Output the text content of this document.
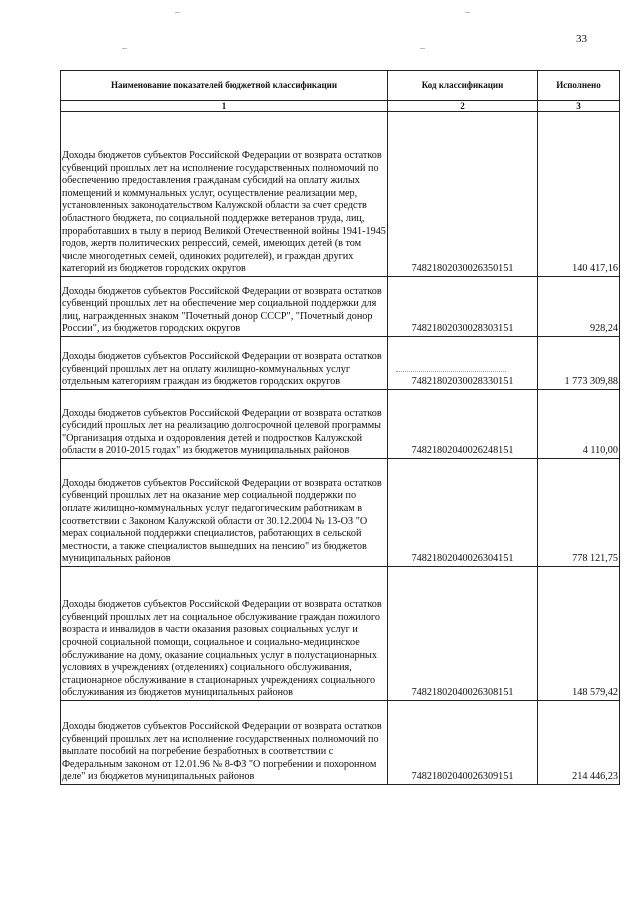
33
Наименование показателей бюджетной классификации	Код классификации	Исполнено
1	2	3
Доходы бюджетов субъектов Российской Федерации от возврата остатков субвенций прошлых лет на исполнение государственных полномочий по обеспечению предоставления гражданам субсидий на оплату жилых помещений и коммунальных услуг, осуществление реализации мер, установленных законодательством Калужской области за счет средств областного бюджета, по социальной поддержке ветеранов труда, лиц, проработавших в тылу в период Великой Отечественной войны 1941-1945 годов, жертв политических репрессий, семей, имеющих детей (в том числе многодетных семей, одиноких родителей), и граждан других категорий из бюджетов городских округов	74821802030026350151	140 417,16
Доходы бюджетов субъектов Российской Федерации от возврата остатков субвенций прошлых лет на обеспечение мер социальной поддержки для лиц, награжденных знаком "Почетный донор СССР", "Почетный донор России", из бюджетов городских округов	74821802030028303151	928,24
Доходы бюджетов субъектов Российской Федерации от возврата остатков субвенций прошлых лет на оплату жилищно-коммунальных услуг отдельным категориям граждан из бюджетов городских округов	74821802030028330151	1 773 309,88
Доходы бюджетов субъектов Российской Федерации от возврата остатков субсидий прошлых лет на реализацию долгосрочной целевой программы "Организация отдыха и оздоровления детей и подростков Калужской области в 2010-2015 годах" из бюджетов муниципальных районов	74821802040026248151	4 110,00
Доходы бюджетов субъектов Российской Федерации от возврата остатков субвенций прошлых лет на оказание мер социальной поддержки по оплате жилищно-коммунальных услуг педагогическим работникам в соответствии с Законом Калужской области от 30.12.2004 № 13-ОЗ "О мерах социальной поддержки специалистов, работающих в сельской местности, а также специалистов вышедших на пенсию" из бюджетов муниципальных районов	74821802040026304151	778 121,75
Доходы бюджетов субъектов Российской Федерации от возврата остатков субвенций прошлых лет на социальное обслуживание граждан пожилого возраста и инвалидов в части оказания разовых социальных услуг и срочной социальной помощи, социальное и социально-медицинское обслуживание на дому, оказание социальных услуг в полустационарных условиях в учреждениях (отделениях) социального обслуживания, стационарное обслуживание в стационарных учреждениях социального обслуживания из бюджетов муниципальных районов	74821802040026308151	148 579,42
Доходы бюджетов субъектов Российской Федерации от возврата остатков субвенций прошлых лет на исполнение государственных полномочий по выплате пособий на погребение безработных в соответствии с Федеральным законом от 12.01.96 № 8-ФЗ "О погребении и похоронном деле" из бюджетов муниципальных районов	74821802040026309151	214 446,23
